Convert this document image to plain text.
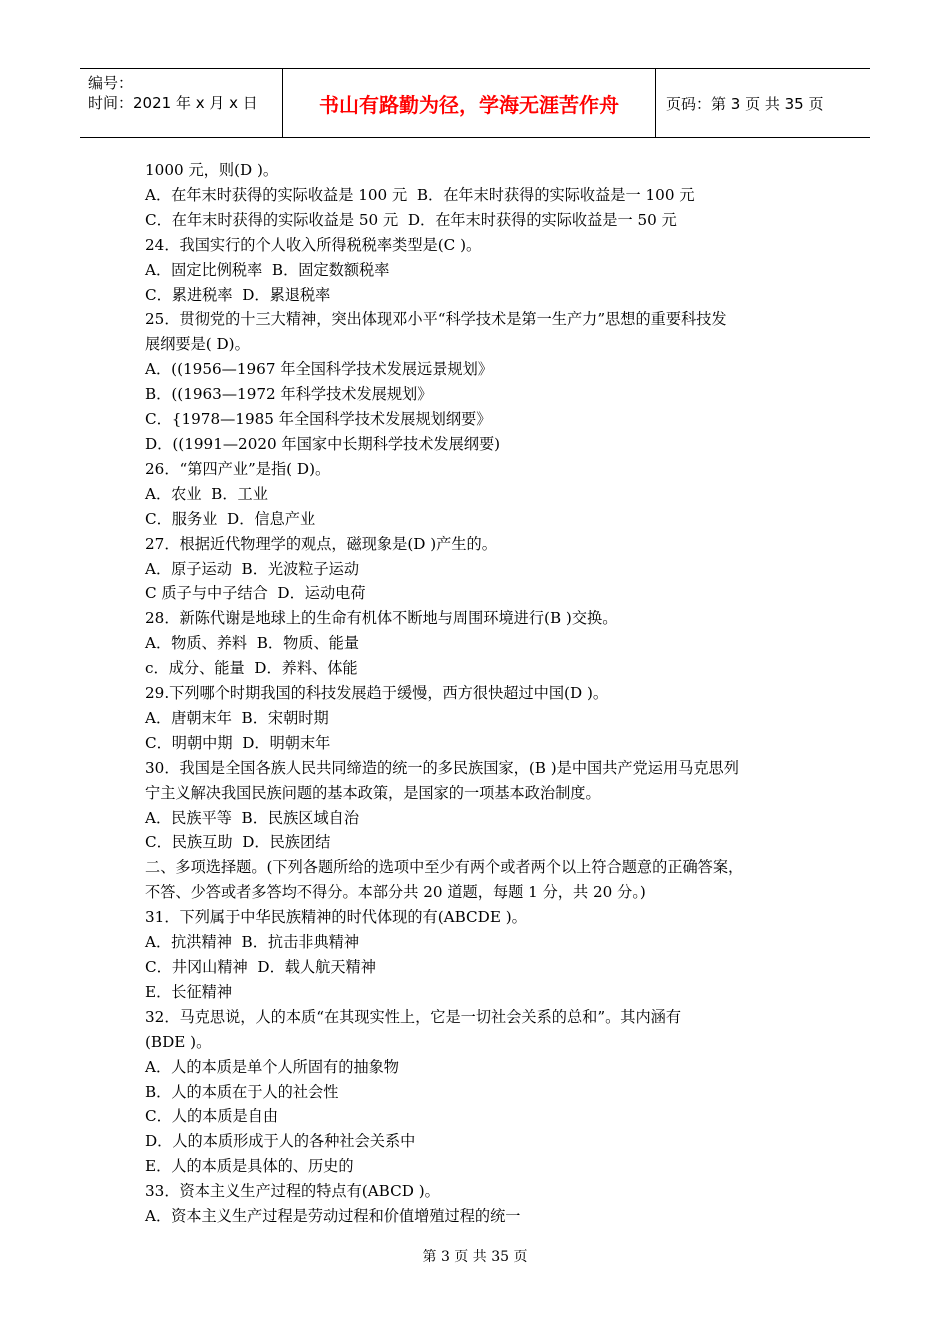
编号：
时间：2021 年 x 月 x 日	书山有路勤为径，学海无涯苦作舟	页码：第 3 页 共 35 页

1000 元，则(D )。

A．在年末时获得的实际收益是 100 元  B．在年末时获得的实际收益是一 100 元

C．在年末时获得的实际收益是 50 元  D．在年末时获得的实际收益是一 50 元

24．我国实行的个人收入所得税税率类型是(C )。

A．固定比例税率  B．固定数额税率

C．累进税率  D．累退税率

25．贯彻党的十三大精神，突出体现邓小平“科学技术是第一生产力”思想的重要科技发

展纲要是( D)。

A．((1956—1967 年全国科学技术发展远景规划》

B．((1963—1972 年科学技术发展规划》

C．{1978—1985 年全国科学技术发展规划纲要》

D．((1991—2020 年国家中长期科学技术发展纲要)

26．“第四产业”是指( D)。

A．农业  B．工业

C．服务业  D．信息产业

27．根据近代物理学的观点，磁现象是(D )产生的。

A．原子运动  B．光波粒子运动

C 质子与中子结合  D．运动电荷

28．新陈代谢是地球上的生命有机体不断地与周围环境进行(B )交换。

A．物质、养料  B．物质、能量

c．成分、能量  D．养料、体能

29.下列哪个时期我国的科技发展趋于缓慢，西方很快超过中国(D )。

A．唐朝末年  B．宋朝时期

C．明朝中期  D．明朝末年

30．我国是全国各族人民共同缔造的统一的多民族国家，(B )是中国共产党运用马克思列

宁主义解决我国民族问题的基本政策，是国家的一项基本政治制度。

A．民族平等  B．民族区域自治

C．民族互助  D．民族团结

二、多项选择题。(下列各题所给的选项中至少有两个或者两个以上符合题意的正确答案，

不答、少答或者多答均不得分。本部分共 20 道题，每题 1 分，共 20 分。)

31．下列属于中华民族精神的时代体现的有(ABCDE )。

A．抗洪精神  B．抗击非典精神

C．井冈山精神  D．载人航天精神

E．长征精神

32．马克思说，人的本质“在其现实性上，它是一切社会关系的总和”。其内涵有

(BDE )。

A．人的本质是单个人所固有的抽象物

B．人的本质在于人的社会性

C．人的本质是自由

D．人的本质形成于人的各种社会关系中

E．人的本质是具体的、历史的

33．资本主义生产过程的特点有(ABCD )。

A．资本主义生产过程是劳动过程和价值增殖过程的统一

第 3 页 共 35 页
